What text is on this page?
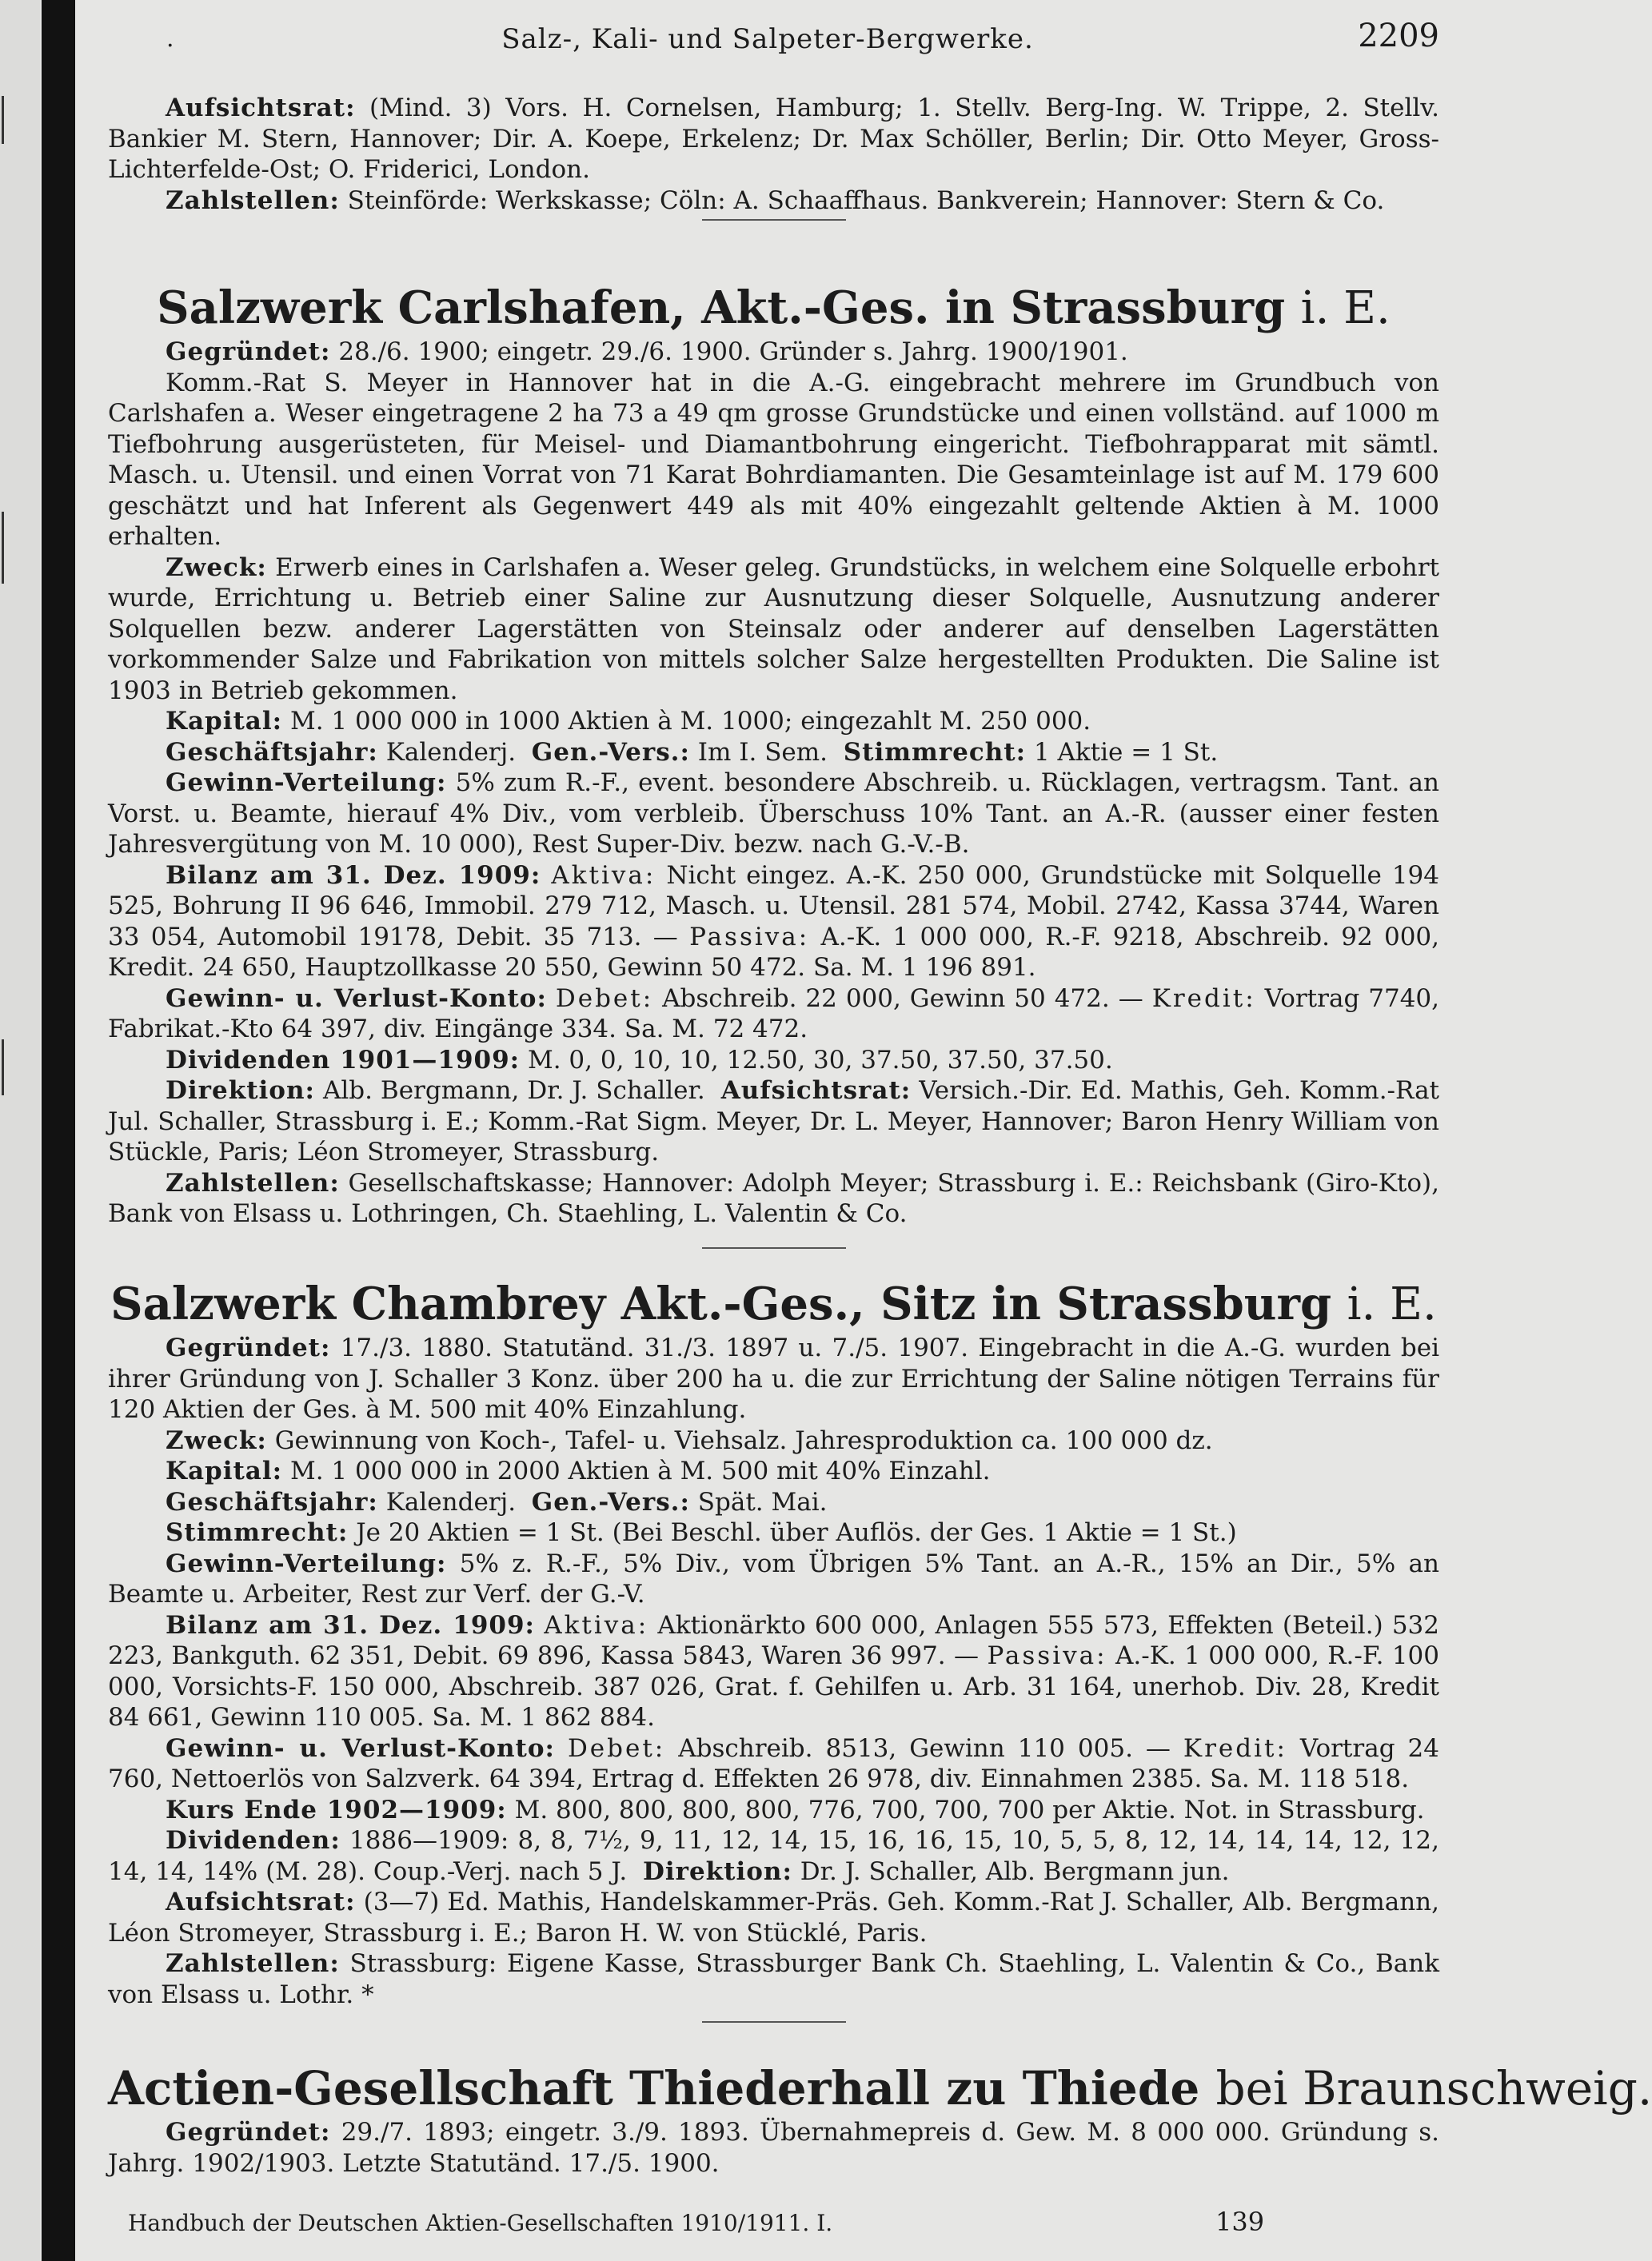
.	Salz-, Kali- und Salpeter-Bergwerke.	2209

Aufsichtsrat: (Mind. 3) Vors. H. Cornelsen, Hamburg; 1. Stellv. Berg-Ing. W. Trippe, 2. Stellv. Bankier M. Stern, Hannover; Dir. A. Koepe, Erkelenz; Dr. Max Schöller, Berlin; Dir. Otto Meyer, Gross-Lichterfelde-Ost; O. Friderici, London.

Zahlstellen: Steinförde: Werkskasse; Cöln: A. Schaaffhaus. Bankverein; Hannover: Stern & Co.

Salzwerk Carlshafen, Akt.-Ges. in Strassburg i. E.

Gegründet: 28./6. 1900; eingetr. 29./6. 1900. Gründer s. Jahrg. 1900/1901.

Komm.-Rat S. Meyer in Hannover hat in die A.-G. eingebracht mehrere im Grundbuch von Carlshafen a. Weser eingetragene 2 ha 73 a 49 qm grosse Grundstücke und einen vollständ. auf 1000 m Tiefbohrung ausgerüsteten, für Meisel- und Diamantbohrung eingericht. Tiefbohrapparat mit sämtl. Masch. u. Utensil. und einen Vorrat von 71 Karat Bohrdiamanten. Die Gesamteinlage ist auf M. 179 600 geschätzt und hat Inferent als Gegenwert 449 als mit 40% eingezahlt geltende Aktien à M. 1000 erhalten.

Zweck: Erwerb eines in Carlshafen a. Weser geleg. Grundstücks, in welchem eine Solquelle erbohrt wurde, Errichtung u. Betrieb einer Saline zur Ausnutzung dieser Solquelle, Ausnutzung anderer Solquellen bezw. anderer Lagerstätten von Steinsalz oder anderer auf denselben Lagerstätten vorkommender Salze und Fabrikation von mittels solcher Salze hergestellten Produkten. Die Saline ist 1903 in Betrieb gekommen.

Kapital: M. 1 000 000 in 1000 Aktien à M. 1000; eingezahlt M. 250 000.

Geschäftsjahr: Kalenderj. Gen.-Vers.: Im I. Sem. Stimmrecht: 1 Aktie = 1 St.

Gewinn-Verteilung: 5% zum R.-F., event. besondere Abschreib. u. Rücklagen, vertragsm. Tant. an Vorst. u. Beamte, hierauf 4% Div., vom verbleib. Überschuss 10% Tant. an A.-R. (ausser einer festen Jahresvergütung von M. 10 000), Rest Super-Div. bezw. nach G.-V.-B.

Bilanz am 31. Dez. 1909: Aktiva: Nicht eingez. A.-K. 250 000, Grundstücke mit Solquelle 194 525, Bohrung II 96 646, Immobil. 279 712, Masch. u. Utensil. 281 574, Mobil. 2742, Kassa 3744, Waren 33 054, Automobil 19178, Debit. 35 713. — Passiva: A.-K. 1 000 000, R.-F. 9218, Abschreib. 92 000, Kredit. 24 650, Hauptzollkasse 20 550, Gewinn 50 472. Sa. M. 1 196 891.

Gewinn- u. Verlust-Konto: Debet: Abschreib. 22 000, Gewinn 50 472. — Kredit: Vortrag 7740, Fabrikat.-Kto 64 397, div. Eingänge 334. Sa. M. 72 472.

Dividenden 1901—1909: M. 0, 0, 10, 10, 12.50, 30, 37.50, 37.50, 37.50.

Direktion: Alb. Bergmann, Dr. J. Schaller. Aufsichtsrat: Versich.-Dir. Ed. Mathis, Geh. Komm.-Rat Jul. Schaller, Strassburg i. E.; Komm.-Rat Sigm. Meyer, Dr. L. Meyer, Hannover; Baron Henry William von Stückle, Paris; Léon Stromeyer, Strassburg.

Zahlstellen: Gesellschaftskasse; Hannover: Adolph Meyer; Strassburg i. E.: Reichsbank (Giro-Kto), Bank von Elsass u. Lothringen, Ch. Staehling, L. Valentin & Co.

Salzwerk Chambrey Akt.-Ges., Sitz in Strassburg i. E.

Gegründet: 17./3. 1880. Statutänd. 31./3. 1897 u. 7./5. 1907. Eingebracht in die A.-G. wurden bei ihrer Gründung von J. Schaller 3 Konz. über 200 ha u. die zur Errichtung der Saline nötigen Terrains für 120 Aktien der Ges. à M. 500 mit 40% Einzahlung.

Zweck: Gewinnung von Koch-, Tafel- u. Viehsalz. Jahresproduktion ca. 100 000 dz.

Kapital: M. 1 000 000 in 2000 Aktien à M. 500 mit 40% Einzahl.

Geschäftsjahr: Kalenderj. Gen.-Vers.: Spät. Mai.

Stimmrecht: Je 20 Aktien = 1 St. (Bei Beschl. über Auflös. der Ges. 1 Aktie = 1 St.)

Gewinn-Verteilung: 5% z. R.-F., 5% Div., vom Übrigen 5% Tant. an A.-R., 15% an Dir., 5% an Beamte u. Arbeiter, Rest zur Verf. der G.-V.

Bilanz am 31. Dez. 1909: Aktiva: Aktionärkto 600 000, Anlagen 555 573, Effekten (Beteil.) 532 223, Bankguth. 62 351, Debit. 69 896, Kassa 5843, Waren 36 997. — Passiva: A.-K. 1 000 000, R.-F. 100 000, Vorsichts-F. 150 000, Abschreib. 387 026, Grat. f. Gehilfen u. Arb. 31 164, unerhob. Div. 28, Kredit 84 661, Gewinn 110 005. Sa. M. 1 862 884.

Gewinn- u. Verlust-Konto: Debet: Abschreib. 8513, Gewinn 110 005. — Kredit: Vortrag 24 760, Nettoerlös von Salzverk. 64 394, Ertrag d. Effekten 26 978, div. Einnahmen 2385. Sa. M. 118 518.

Kurs Ende 1902—1909: M. 800, 800, 800, 800, 776, 700, 700, 700 per Aktie. Not. in Strassburg.

Dividenden: 1886—1909: 8, 8, 7½, 9, 11, 12, 14, 15, 16, 16, 15, 10, 5, 5, 8, 12, 14, 14, 14, 12, 12, 14, 14, 14% (M. 28). Coup.-Verj. nach 5 J. Direktion: Dr. J. Schaller, Alb. Bergmann jun.

Aufsichtsrat: (3—7) Ed. Mathis, Handelskammer-Präs. Geh. Komm.-Rat J. Schaller, Alb. Bergmann, Léon Stromeyer, Strassburg i. E.; Baron H. W. von Stücklé, Paris.

Zahlstellen: Strassburg: Eigene Kasse, Strassburger Bank Ch. Staehling, L. Valentin & Co., Bank von Elsass u. Lothr. *

Actien-Gesellschaft Thiederhall zu Thiede bei Braunschweig.

Gegründet: 29./7. 1893; eingetr. 3./9. 1893. Übernahmepreis d. Gew. M. 8 000 000. Gründung s. Jahrg. 1902/1903. Letzte Statutänd. 17./5. 1900.

Handbuch der Deutschen Aktien-Gesellschaften 1910/1911. I.	139
